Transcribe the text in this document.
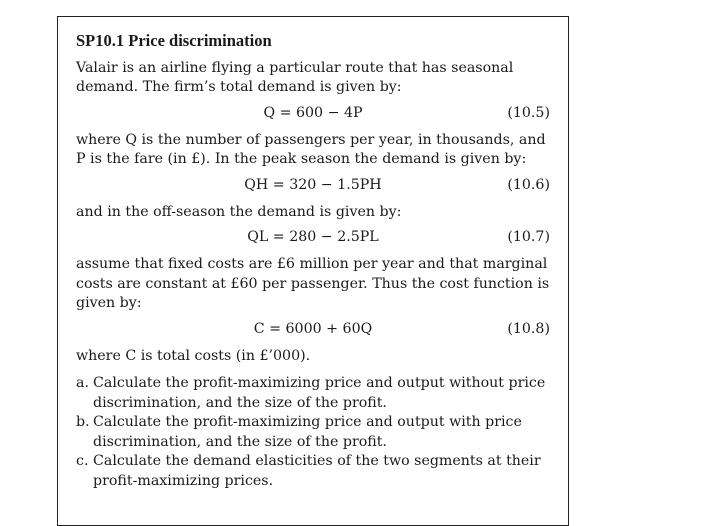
SP10.1 Price discrimination

Valair is an airline flying a particular route that has seasonal demand. The firm’s total demand is given by:

Q = 600 − 4P	(10.5)

where Q is the number of passengers per year, in thousands, and P is the fare (in £). In the peak season the demand is given by:

QH = 320 − 1.5PH	(10.6)

and in the off-season the demand is given by:

QL = 280 − 2.5PL	(10.7)

assume that fixed costs are £6 million per year and that marginal costs are constant at £60 per passenger. Thus the cost function is given by:

C = 6000 + 60Q	(10.8)

where C is total costs (in £’000).

a. Calculate the profit-maximizing price and output without price discrimination, and the size of the profit.
b. Calculate the profit-maximizing price and output with price discrimination, and the size of the profit.
c. Calculate the demand elasticities of the two segments at their profit-maximizing prices.
